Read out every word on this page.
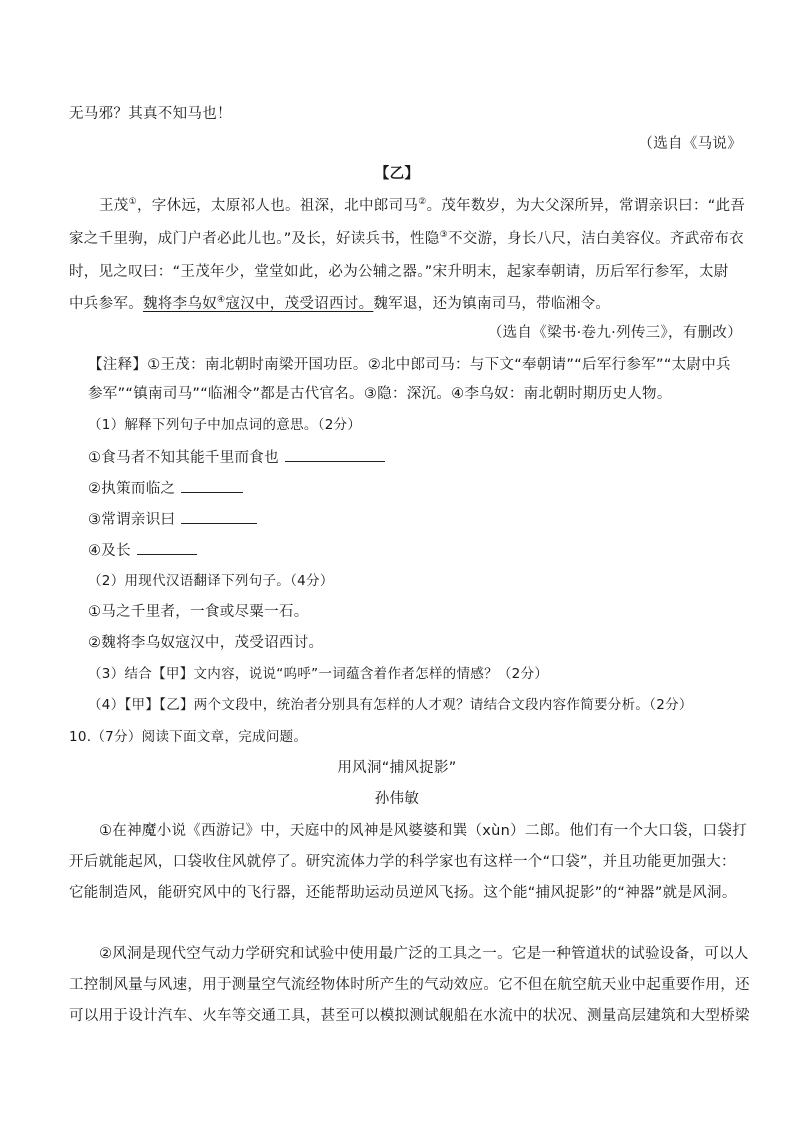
无马邪？其真不知马也！
（选自《马说》
【乙】
王茂①，字休远，太原祁人也。祖深，北中郎司马②。茂年数岁，为大父深所异，常谓亲识曰：“此吾
家之千里驹，成门户者必此儿也。”及长，好读兵书，性隐③不交游，身长八尺，洁白美容仪。齐武帝布衣
时，见之叹曰：“王茂年少，堂堂如此，必为公辅之器。”宋升明末，起家奉朝请，历后军行参军，太尉
中兵参军。魏将李乌奴④寇汉中，茂受诏西讨。魏军退，还为镇南司马，带临湘令。
（选自《梁书·卷九·列传三》，有删改）
【注释】①王茂：南北朝时南梁开国功臣。②北中郎司马：与下文“奉朝请”“后军行参军”“太尉中兵
参军”“镇南司马”“临湘令”都是古代官名。③隐：深沉。④李乌奴：南北朝时期历史人物。
（1）解释下列句子中加点词的意思。（2分）
①食马者不知其能千里而食也
②执策而临之
③常谓亲识曰
④及长
（2）用现代汉语翻译下列句子。（4分）
①马之千里者，一食或尽粟一石。
②魏将李乌奴寇汉中，茂受诏西讨。
（3）结合【甲】文内容，说说“呜呼”一词蕴含着作者怎样的情感？（2分）
（4）【甲】【乙】两个文段中，统治者分别具有怎样的人才观？请结合文段内容作简要分析。（2分）
10.（7分）阅读下面文章，完成问题。
用风洞“捕风捉影”
孙伟敏
①在神魔小说《西游记》中，天庭中的风神是风婆婆和巽（xùn）二郎。他们有一个大口袋，口袋打
开后就能起风，口袋收住风就停了。研究流体力学的科学家也有这样一个“口袋”，并且功能更加强大：
它能制造风，能研究风中的飞行器，还能帮助运动员逆风飞扬。这个能“捕风捉影”的“神器”就是风洞。
②风洞是现代空气动力学研究和试验中使用最广泛的工具之一。它是一种管道状的试验设备，可以人
工控制风量与风速，用于测量空气流经物体时所产生的气动效应。它不但在航空航天业中起重要作用，还
可以用于设计汽车、火车等交通工具，甚至可以模拟测试舰船在水流中的状况、测量高层建筑和大型桥梁
